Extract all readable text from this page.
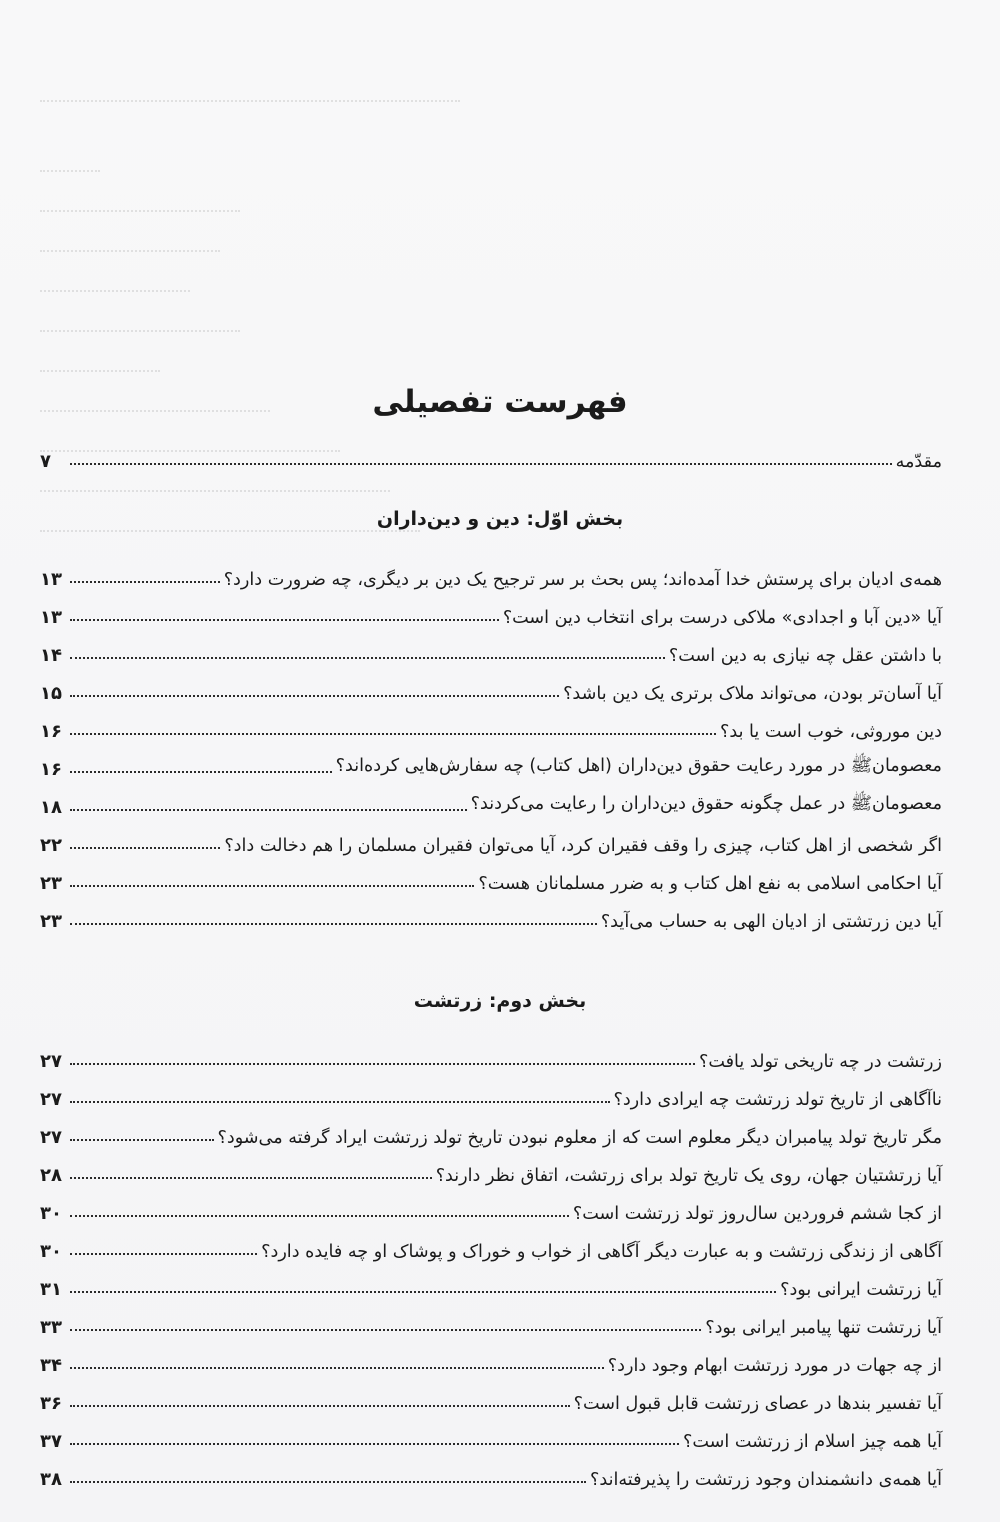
فهرست تفصیلی
مقدّمه
۷
بخش اوّل: دین و دین‌داران
همه‌ی ادیان برای پرستش خدا آمده‌اند؛ پس بحث بر سر ترجیح یک دین بر دیگری، چه ضرورت دارد؟
۱۳
آیا «دین آبا و اجدادی» ملاکی درست برای انتخاب دین است؟
۱۳
با داشتن عقل چه نیازی به دین است؟
۱۴
آیا آسان‌تر بودن، می‌تواند ملاک برتری یک دین باشد؟
۱۵
دین موروثی، خوب است یا بد؟
۱۶
معصومانﷺ در مورد رعایت حقوق دین‌داران (اهل کتاب) چه سفارش‌هایی کرده‌اند؟
۱۶
معصومانﷺ در عمل چگونه حقوق دین‌داران را رعایت می‌کردند؟
۱۸
اگر شخصی از اهل کتاب، چیزی را وقف فقیران کرد، آیا می‌توان فقیران مسلمان را هم دخالت داد؟
۲۲
آیا احکامی اسلامی به نفع اهل کتاب و به ضرر مسلمانان هست؟
۲۳
آیا دین زرتشتی از ادیان الهی به حساب می‌آید؟
۲۳
بخش دوم: زرتشت
زرتشت در چه تاریخی تولد یافت؟
۲۷
ناآگاهی از تاریخ تولد زرتشت چه ایرادی دارد؟
۲۷
مگر تاریخ تولد پیامبران دیگر معلوم است که از معلوم نبودن تاریخ تولد زرتشت ایراد گرفته می‌شود؟
۲۷
آیا زرتشتیان جهان، روی یک تاریخ تولد برای زرتشت، اتفاق نظر دارند؟
۲۸
از کجا ششم فروردین سال‌روز تولد زرتشت است؟
۳۰
آگاهی از زندگی زرتشت و به عبارت دیگر آگاهی از خواب و خوراک و پوشاک او چه فایده دارد؟
۳۰
آیا زرتشت ایرانی بود؟
۳۱
آیا زرتشت تنها پیامبر ایرانی بود؟
۳۳
از چه جهات در مورد زرتشت ابهام وجود دارد؟
۳۴
آیا تفسیر بندها در عصای زرتشت قابل قبول است؟
۳۶
آیا همه چیز اسلام از زرتشت است؟
۳۷
آیا همه‌ی دانشمندان وجود زرتشت را پذیرفته‌اند؟
۳۸
